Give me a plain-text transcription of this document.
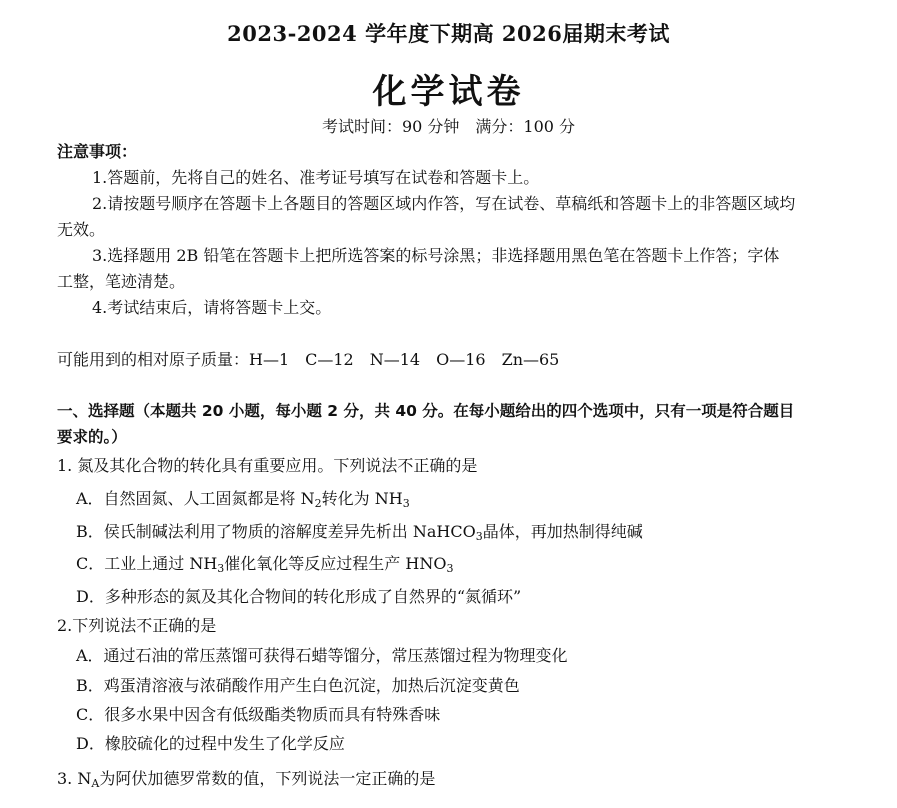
2023-2024 学年度下期高 2026届期末考试
化学试卷
考试时间：90 分钟　满分：100 分
注意事项：
1.答题前，先将自己的姓名、准考证号填写在试卷和答题卡上。
2.请按题号顺序在答题卡上各题目的答题区域内作答，写在试卷、草稿纸和答题卡上的非答题区域均
无效。
3.选择题用 2B 铅笔在答题卡上把所选答案的标号涂黑；非选择题用黑色笔在答题卡上作答；字体
工整，笔迹清楚。
4.考试结束后，请将答题卡上交。
可能用到的相对原子质量：H—1　C—12　N—14　O—16　Zn—65
一、选择题（本题共 20 小题，每小题 2 分，共 40 分。在每小题给出的四个选项中，只有一项是符合题目
要求的。）
1. 氮及其化合物的转化具有重要应用。下列说法不正确的是
A．自然固氮、人工固氮都是将 $N_2$转化为 $NH_3$
B．侯氏制碱法利用了物质的溶解度差异先析出 NaHCO$_3$晶体，再加热制得纯碱
C．工业上通过 $NH_3$催化氧化等反应过程生产 $HNO_3$
D．多种形态的氮及其化合物间的转化形成了自然界的“氮循环”
2.下列说法不正确的是
A．通过石油的常压蒸馏可获得石蜡等馏分，常压蒸馏过程为物理变化
B．鸡蛋清溶液与浓硝酸作用产生白色沉淀，加热后沉淀变黄色
C．很多水果中因含有低级酯类物质而具有特殊香味
D．橡胶硫化的过程中发生了化学反应
3. $N_A$为阿伏加德罗常数的值，下列说法一定正确的是
